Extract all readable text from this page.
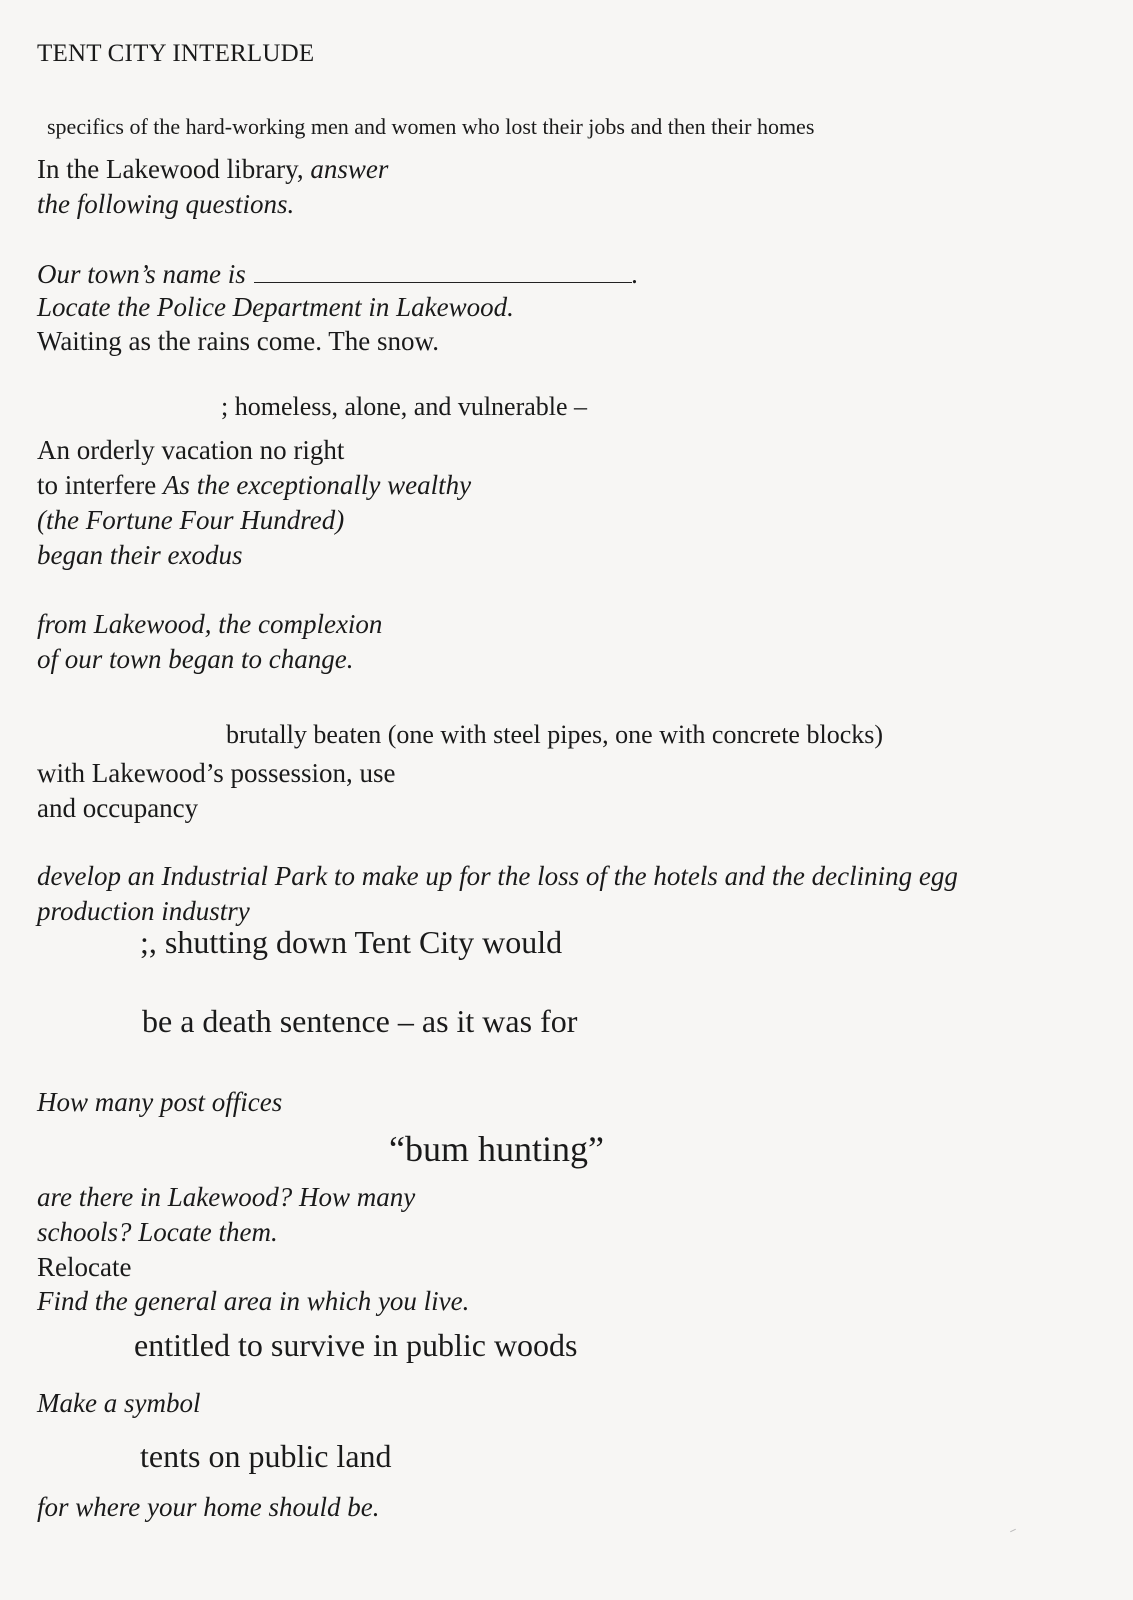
TENT CITY INTERLUDE
specifics of the hard-working men and women who lost their jobs and then their homes
In the Lakewood library, answer
the following questions.
Our town’s name is	.
Locate the Police Department in Lakewood.
Waiting as the rains come. The snow.
; homeless, alone, and vulnerable –
An orderly vacation no right
to interfere As the exceptionally wealthy
(the Fortune Four Hundred)
began their exodus
from Lakewood, the complexion
of our town began to change.
brutally beaten (one with steel pipes, one with concrete blocks)
with Lakewood’s possession, use
and occupancy
develop an Industrial Park to make up for the loss of the hotels and the declining egg
production industry
;, shutting down Tent City would
be a death sentence – as it was for
How many post offices
“bum hunting”
are there in Lakewood? How many
schools? Locate them.
Relocate
Find the general area in which you live.
entitled to survive in public woods
Make a symbol
tents on public land
for where your home should be.
